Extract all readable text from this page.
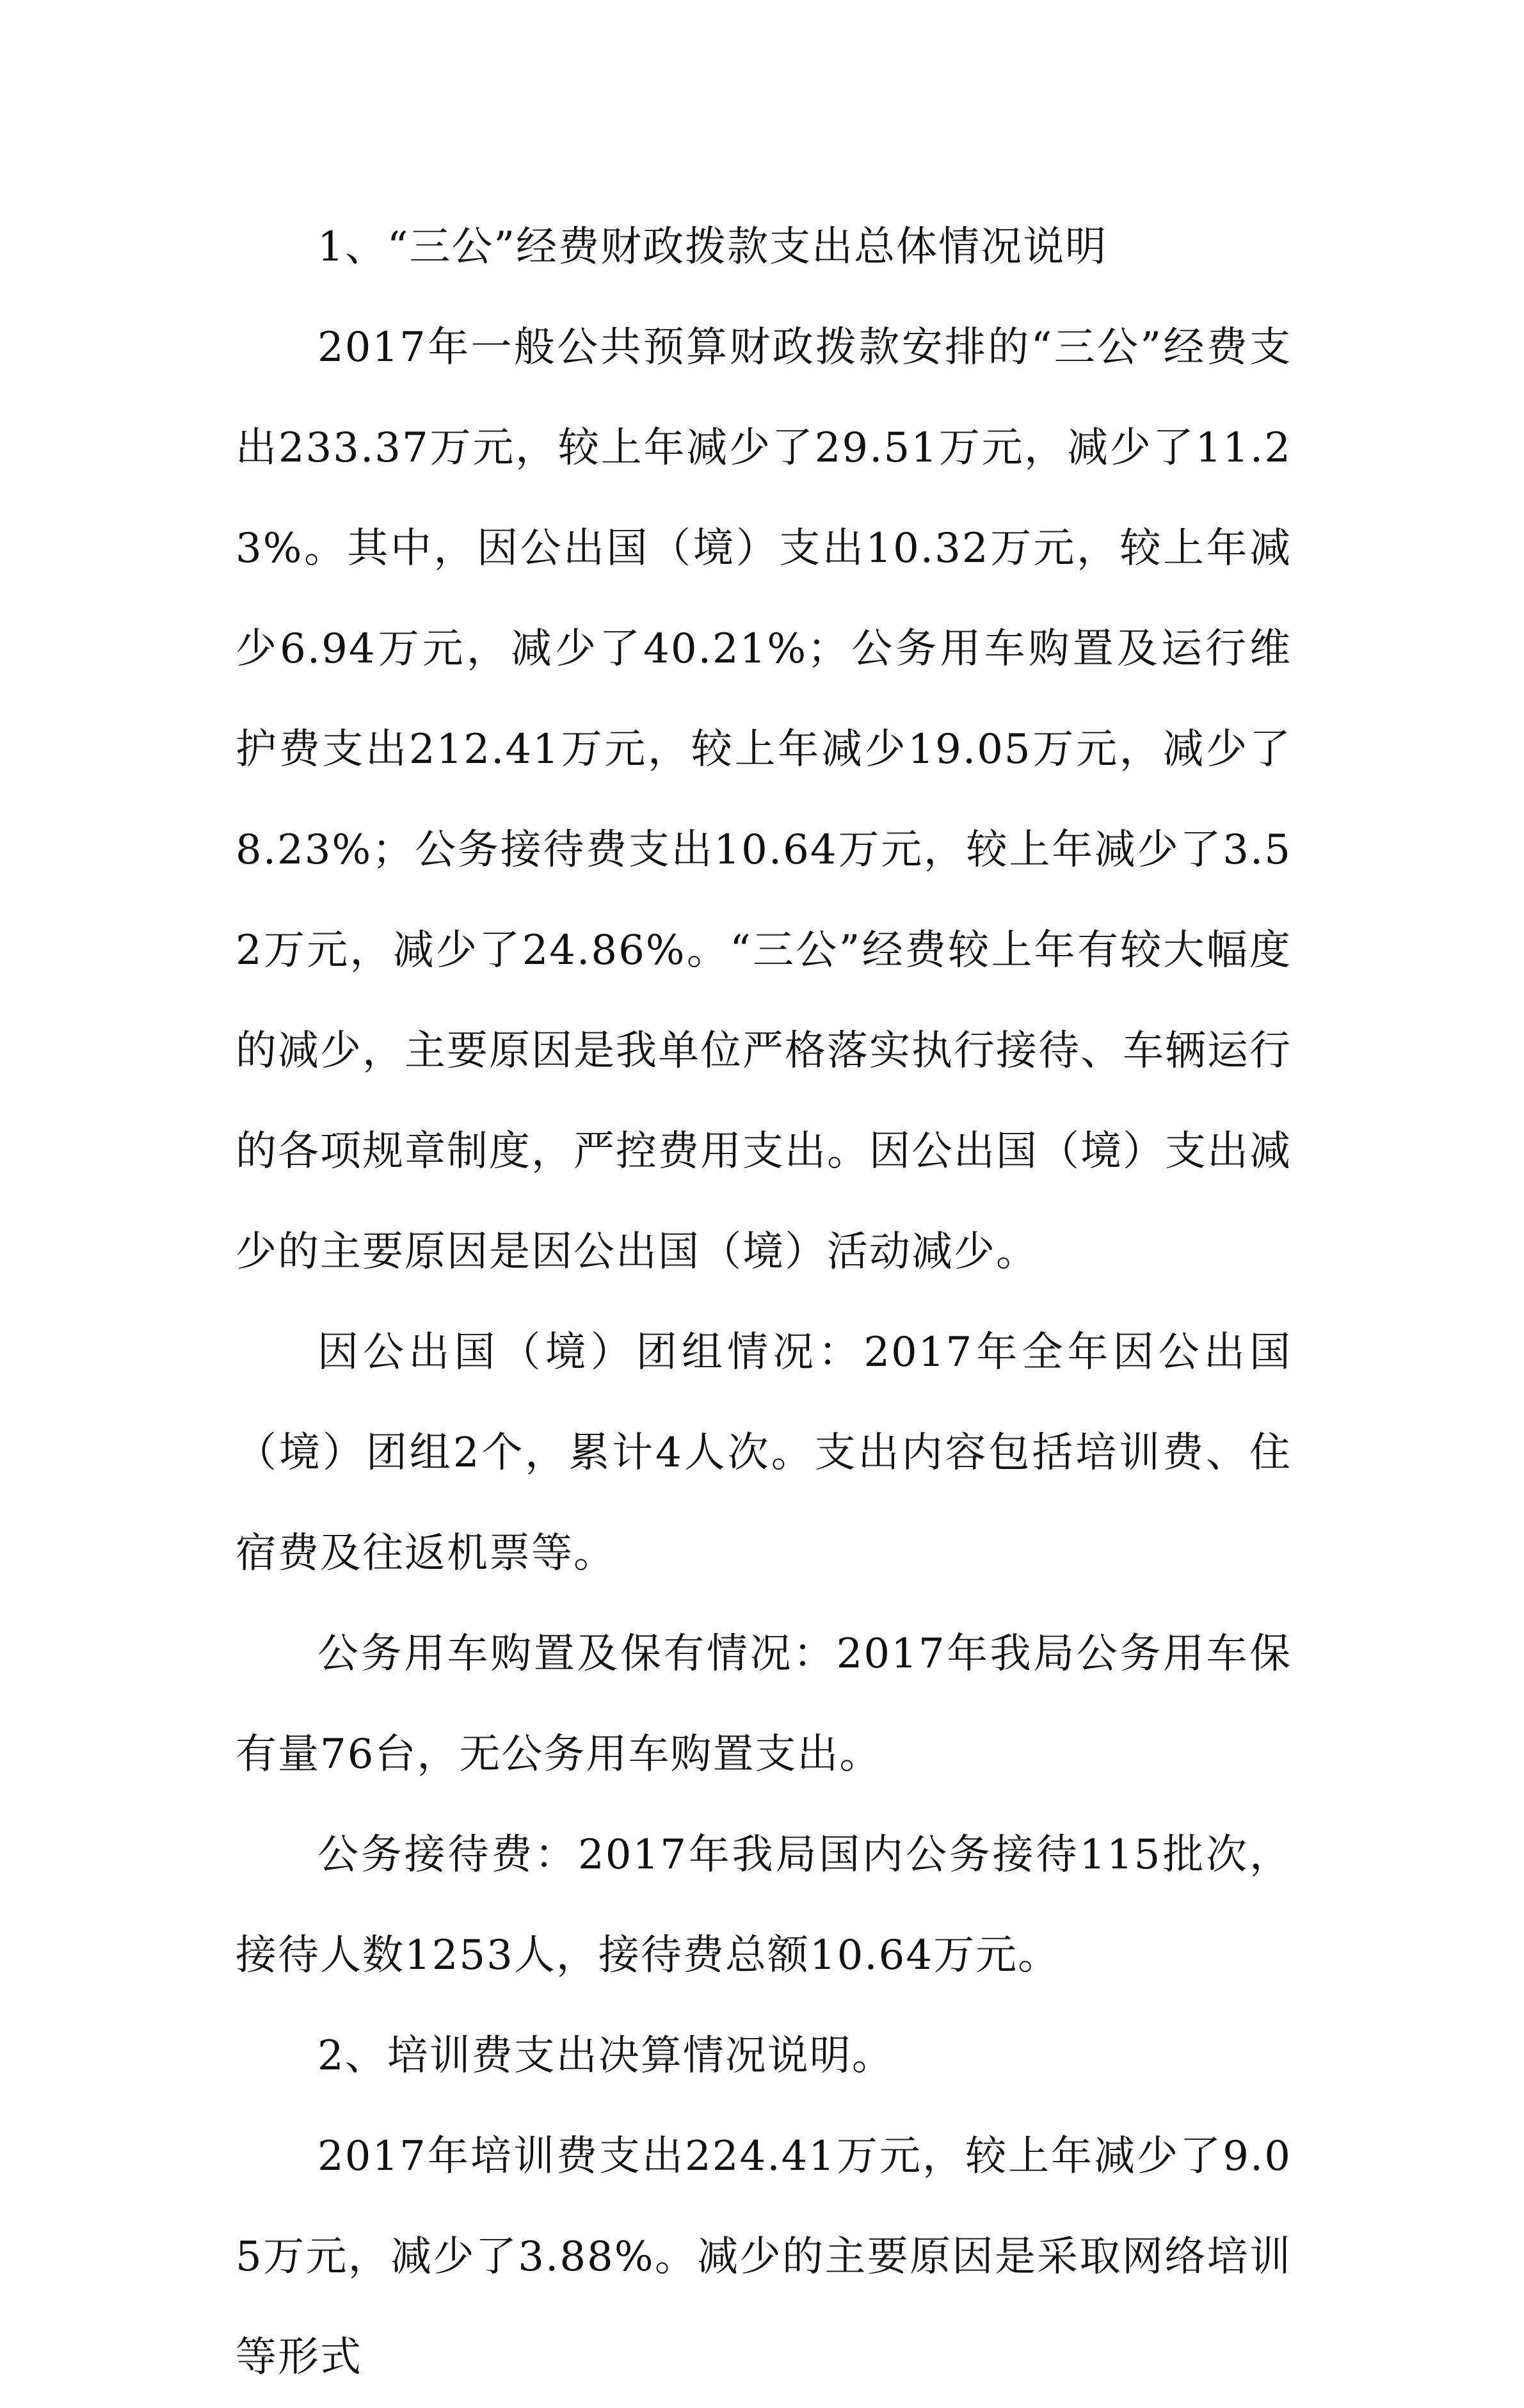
1、“三公”经费财政拨款支出总体情况说明

2017年一般公共预算财政拨款安排的“三公”经费支出233.37万元，较上年减少了29.51万元，减少了11.23%。其中，因公出国（境）支出10.32万元，较上年减少6.94万元，减少了40.21%；公务用车购置及运行维护费支出212.41万元，较上年减少19.05万元，减少了8.23%；公务接待费支出10.64万元，较上年减少了3.52万元，减少了24.86%。“三公”经费较上年有较大幅度的减少，主要原因是我单位严格落实执行接待、车辆运行的各项规章制度，严控费用支出。因公出国（境）支出减少的主要原因是因公出国（境）活动减少。

因公出国（境）团组情况：2017年全年因公出国（境）团组2个，累计4人次。支出内容包括培训费、住宿费及往返机票等。

公务用车购置及保有情况：2017年我局公务用车保有量76台，无公务用车购置支出。

公务接待费：2017年我局国内公务接待115批次，接待人数1253人，接待费总额10.64万元。

2、培训费支出决算情况说明。

2017年培训费支出224.41万元，较上年减少了9.05万元，减少了3.88%。减少的主要原因是采取网络培训等形式
